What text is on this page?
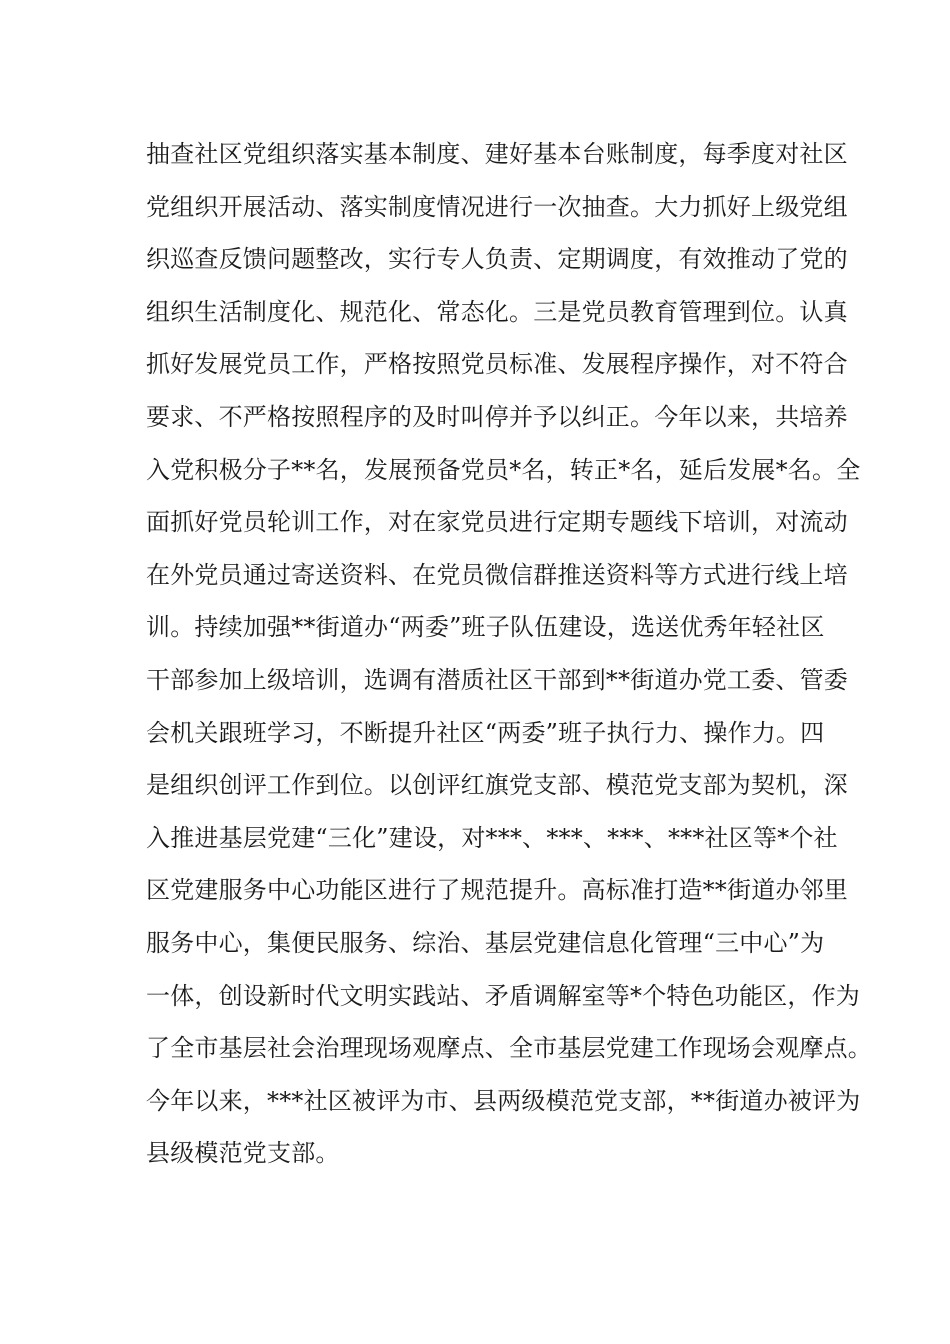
抽查社区党组织落实基本制度、建好基本台账制度，每季度对社区
党组织开展活动、落实制度情况进行一次抽查。大力抓好上级党组
织巡查反馈问题整改，实行专人负责、定期调度，有效推动了党的
组织生活制度化、规范化、常态化。三是党员教育管理到位。认真
抓好发展党员工作，严格按照党员标准、发展程序操作，对不符合
要求、不严格按照程序的及时叫停并予以纠正。今年以来，共培养
入党积极分子**名，发展预备党员*名，转正*名，延后发展*名。全
面抓好党员轮训工作，对在家党员进行定期专题线下培训，对流动
在外党员通过寄送资料、在党员微信群推送资料等方式进行线上培
训。持续加强**街道办“两委”班子队伍建设，选送优秀年轻社区
干部参加上级培训，选调有潜质社区干部到**街道办党工委、管委
会机关跟班学习，不断提升社区“两委”班子执行力、操作力。四
是组织创评工作到位。以创评红旗党支部、模范党支部为契机，深
入推进基层党建“三化”建设，对***、***、***、***社区等*个社
区党建服务中心功能区进行了规范提升。高标准打造**街道办邻里
服务中心，集便民服务、综治、基层党建信息化管理“三中心”为
一体，创设新时代文明实践站、矛盾调解室等*个特色功能区，作为
了全市基层社会治理现场观摩点、全市基层党建工作现场会观摩点。
今年以来，***社区被评为市、县两级模范党支部，**街道办被评为
县级模范党支部。
